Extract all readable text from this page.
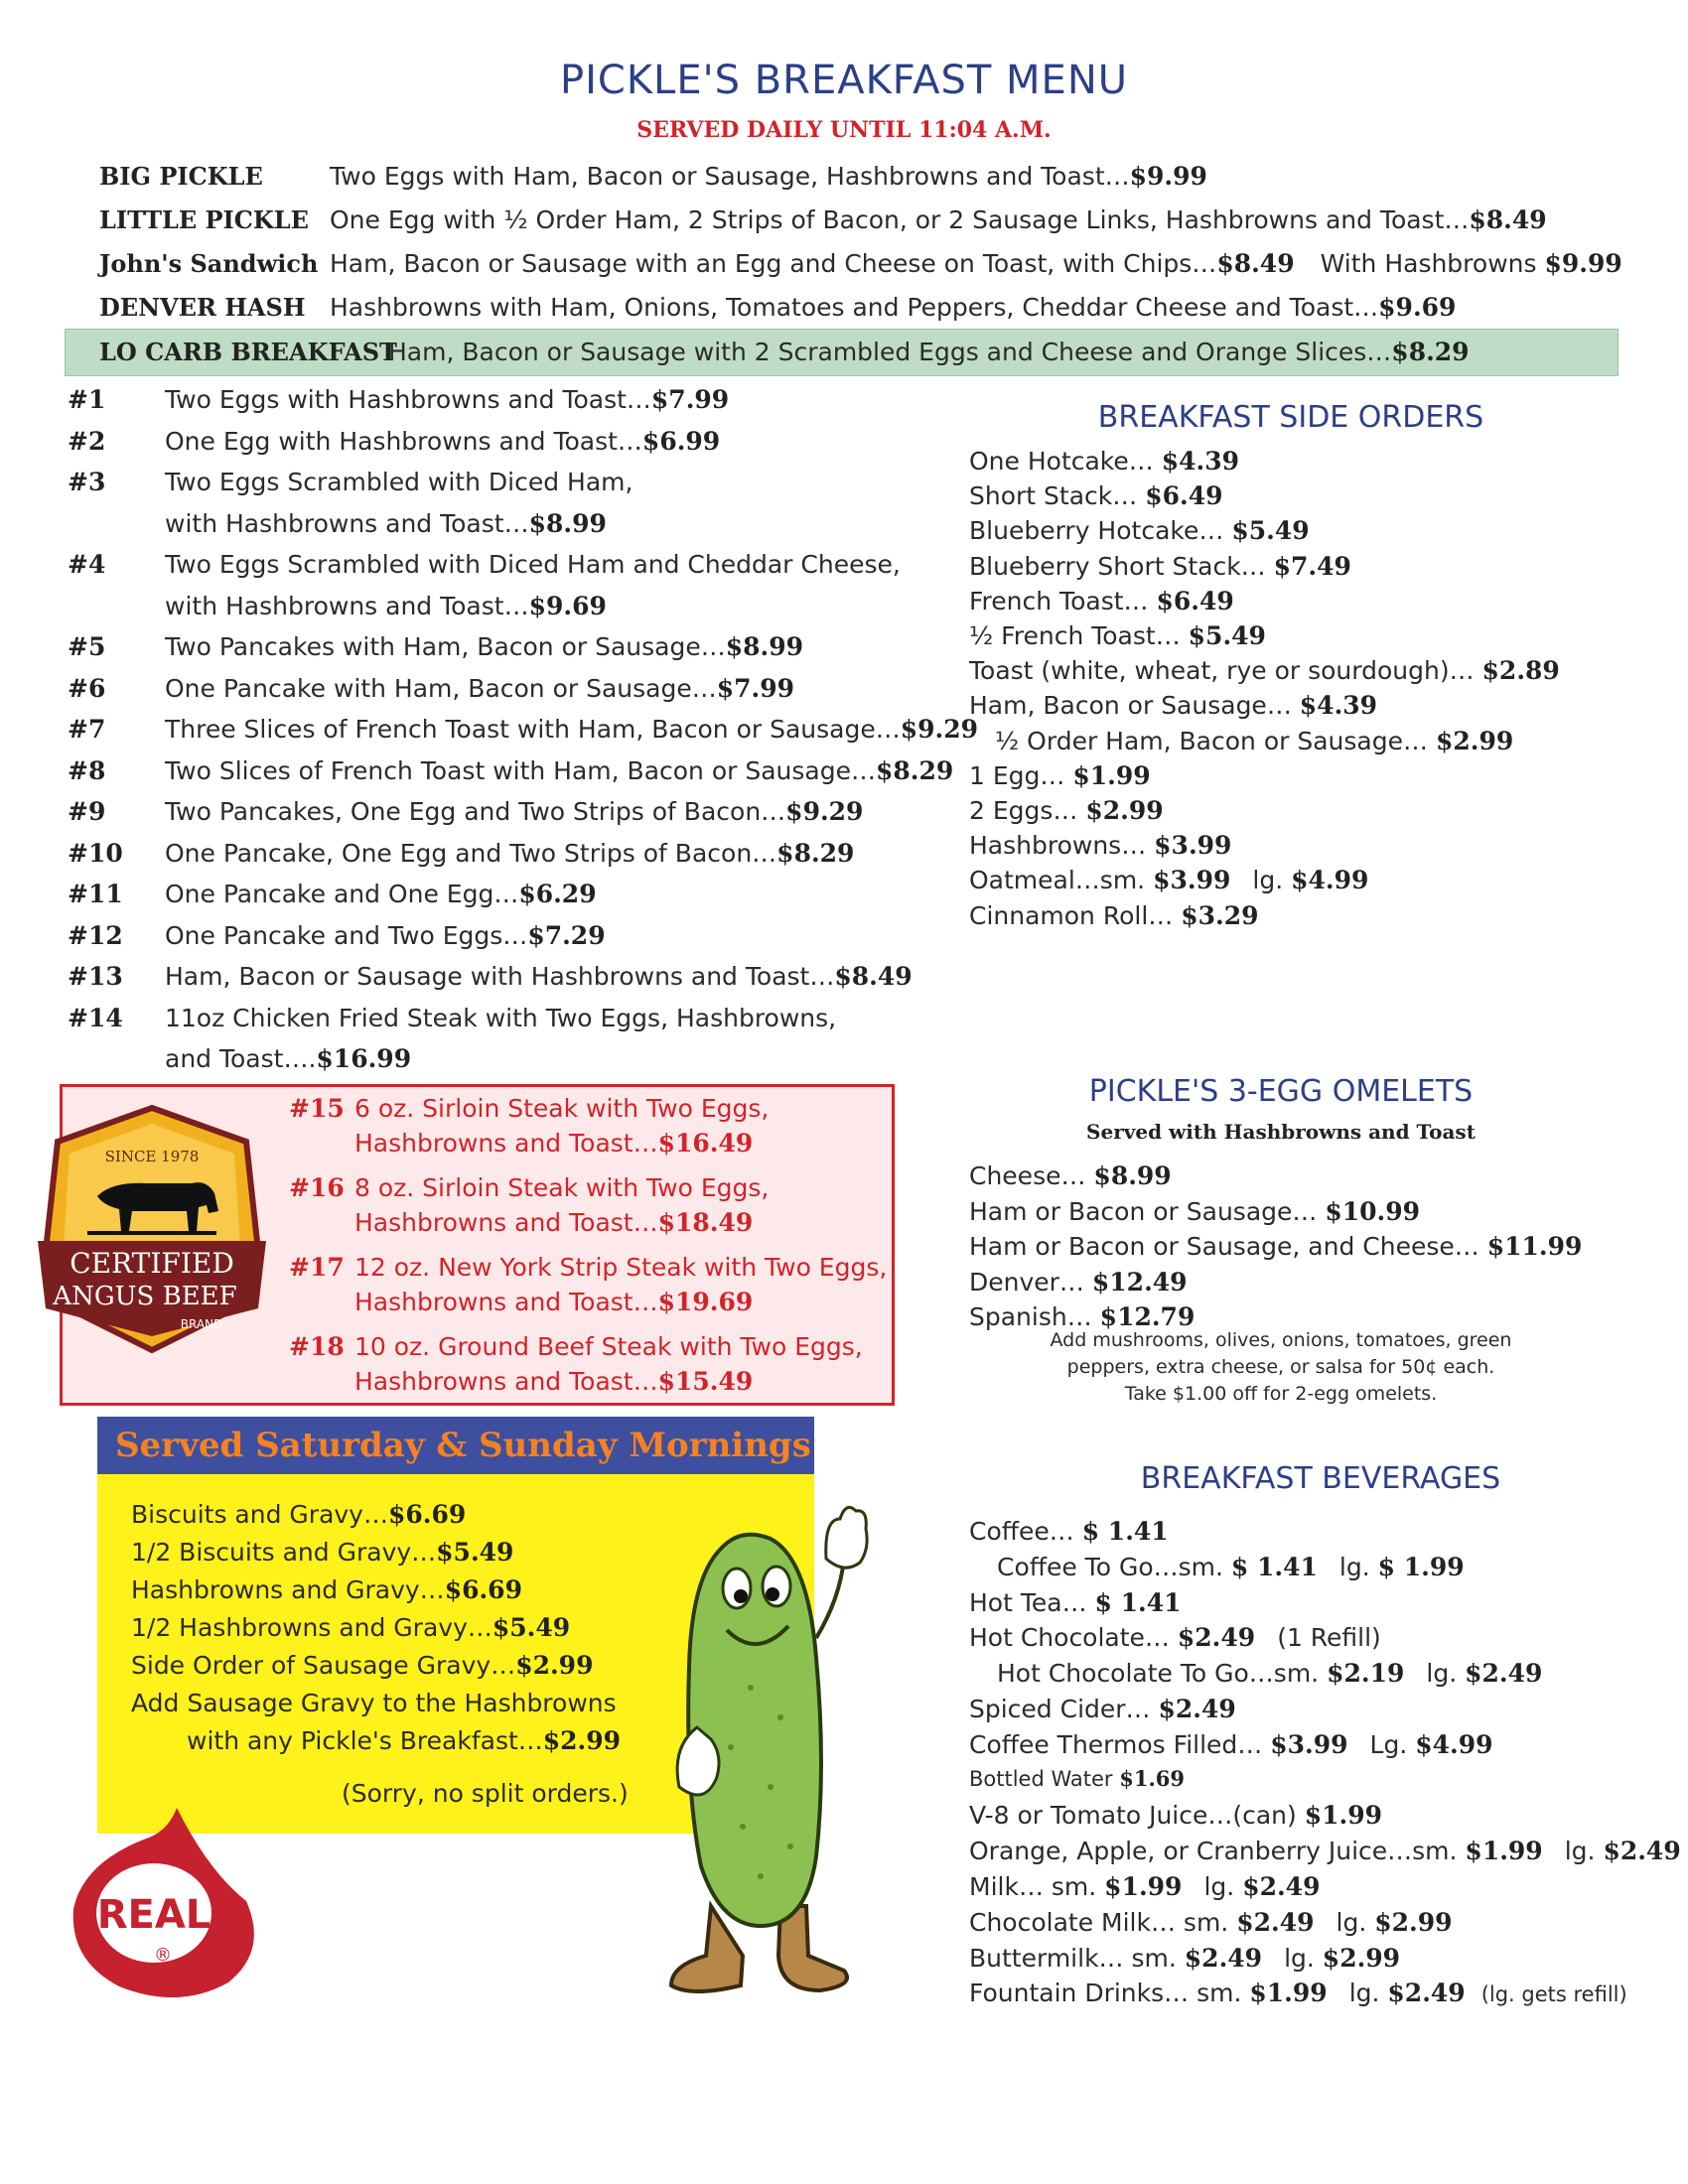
PICKLE'S BREAKFAST MENU
SERVED DAILY UNTIL 11:04 A.M.
BIG PICKLE	Two Eggs with Ham, Bacon or Sausage, Hashbrowns and Toast…$9.99
LITTLE PICKLE One Egg with ½ Order Ham, 2 Strips of Bacon, or 2 Sausage Links, Hashbrowns and Toast…$8.49
John's Sandwich Ham, Bacon or Sausage with an Egg and Cheese on Toast, with Chips…$8.49 With Hashbrowns $9.99
DENVER HASH Hashbrowns with Ham, Onions, Tomatoes and Peppers, Cheddar Cheese and Toast…$9.69
LO CARB BREAKFAST
Ham, Bacon or Sausage with 2 Scrambled Eggs and Cheese and Orange Slices…$8.29
#1 Two Eggs with Hashbrowns and Toast…$7.99
#2 One Egg with Hashbrowns and Toast…$6.99
#3 Two Eggs Scrambled with Diced Ham,
with Hashbrowns and Toast…$8.99
#4 Two Eggs Scrambled with Diced Ham and Cheddar Cheese,
with Hashbrowns and Toast…$9.69
#5 Two Pancakes with Ham, Bacon or Sausage…$8.99
#6 One Pancake with Ham, Bacon or Sausage…$7.99
#7 Three Slices of French Toast with Ham, Bacon or Sausage…$9.29
#8 Two Slices of French Toast with Ham, Bacon or Sausage…$8.29
#9 Two Pancakes, One Egg and Two Strips of Bacon…$9.29
#10 One Pancake, One Egg and Two Strips of Bacon…$8.29
#11 One Pancake and One Egg…$6.29
#12 One Pancake and Two Eggs…$7.29
#13 Ham, Bacon or Sausage with Hashbrowns and Toast…$8.49
#14 11oz Chicken Fried Steak with Two Eggs, Hashbrowns,
and Toast….$16.99
BREAKFAST SIDE ORDERS
One Hotcake… $4.39
Short Stack… $6.49
Blueberry Hotcake… $5.49
Blueberry Short Stack… $7.49
French Toast… $6.49
½ French Toast… $5.49
Toast (white, wheat, rye or sourdough)… $2.89
Ham, Bacon or Sausage… $4.39
½ Order Ham, Bacon or Sausage… $2.99
1 Egg… $1.99
2 Eggs… $2.99
Hashbrowns… $3.99
Oatmeal…sm. $3.99 lg. $4.99
Cinnamon Roll… $3.29
#15 6 oz. Sirloin Steak with Two Eggs,
Hashbrowns and Toast…$16.49
#16 8 oz. Sirloin Steak with Two Eggs,
Hashbrowns and Toast…$18.49
#17 12 oz. New York Strip Steak with Two Eggs,
Hashbrowns and Toast…$19.69
#18 10 oz. Ground Beef Steak with Two Eggs,
Hashbrowns and Toast…$15.49
SINCE 1978
CERTIFIED
ANGUS BEEF
BRAND
Served Saturday & Sunday Mornings
Biscuits and Gravy…$6.69
1/2 Biscuits and Gravy…$5.49
Hashbrowns and Gravy…$6.69
1/2 Hashbrowns and Gravy…$5.49
Side Order of Sausage Gravy…$2.99
Add Sausage Gravy to the Hashbrowns
with any Pickle's Breakfast…$2.99
(Sorry, no split orders.)
REAL
®
PICKLE'S 3-EGG OMELETS
Served with Hashbrowns and Toast
Cheese… $8.99
Ham or Bacon or Sausage… $10.99
Ham or Bacon or Sausage, and Cheese… $11.99
Denver… $12.49
Spanish… $12.79
Add mushrooms, olives, onions, tomatoes, green
peppers, extra cheese, or salsa for 50¢ each.
Take $1.00 off for 2-egg omelets.
BREAKFAST BEVERAGES
Coffee… $ 1.41
Coffee To Go…sm. $ 1.41 lg. $ 1.99
Hot Tea… $ 1.41
Hot Chocolate… $2.49 (1 Refill)
Hot Chocolate To Go…sm. $2.19 lg. $2.49
Spiced Cider… $2.49
Coffee Thermos Filled… $3.99 Lg. $4.99
Bottled Water $1.69
V-8 or Tomato Juice…(can) $1.99
Orange, Apple, or Cranberry Juice…sm. $1.99 lg. $2.49
Milk… sm. $1.99 lg. $2.49
Chocolate Milk… sm. $2.49 lg. $2.99
Buttermilk… sm. $2.49 lg. $2.99
Fountain Drinks… sm. $1.99 lg. $2.49 (lg. gets refill)
